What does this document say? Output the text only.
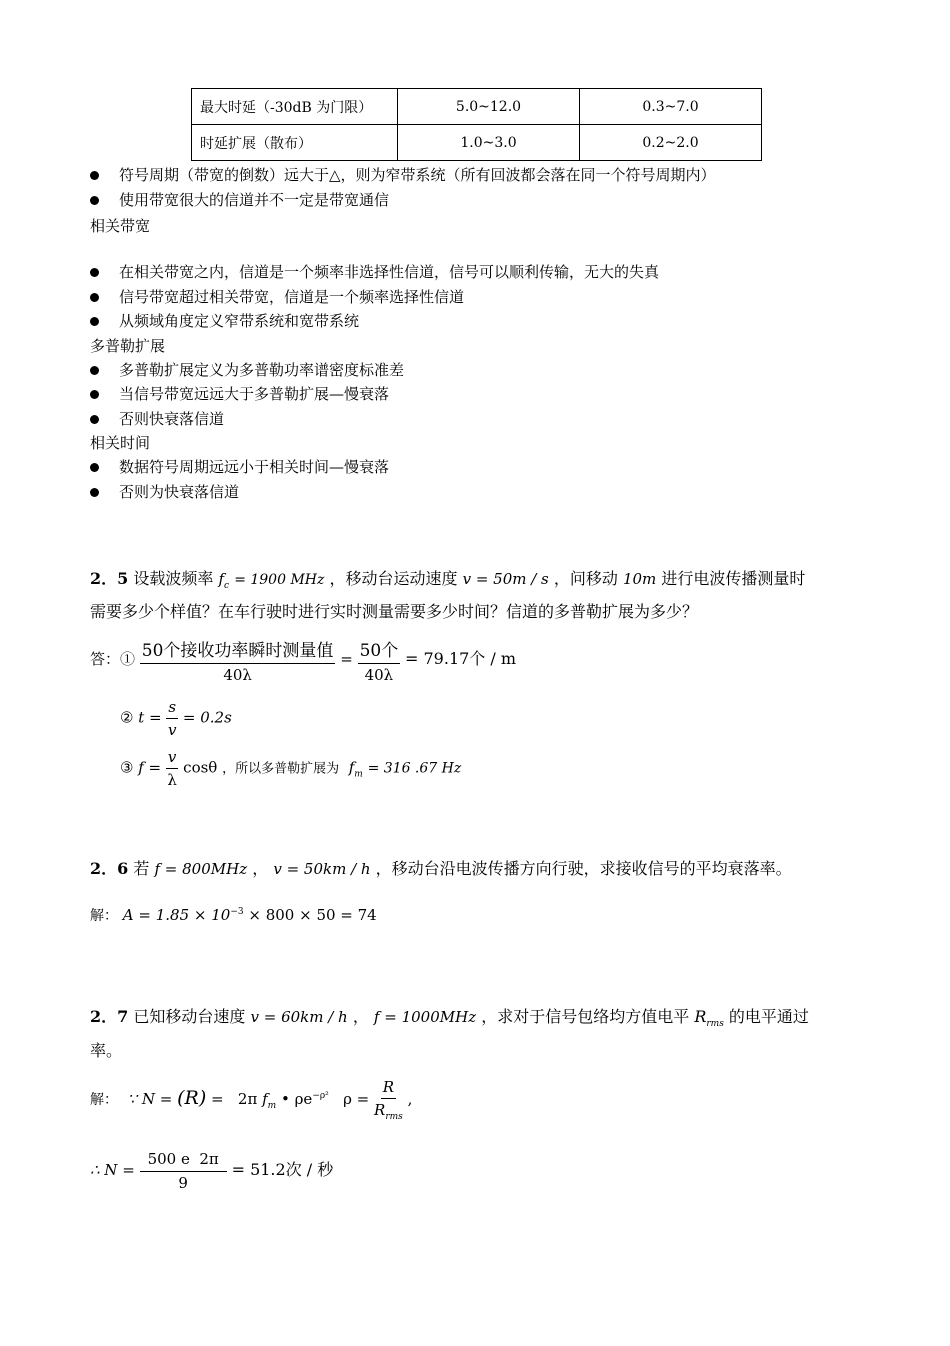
最大时延（-30dB 为门限）	5.0~12.0	0.3~7.0
时延扩展（散布）	1.0~3.0	0.2~2.0
符号周期（带宽的倒数）远大于△，则为窄带系统（所有回波都会落在同一个符号周期内）
使用带宽很大的信道并不一定是带宽通信
相关带宽
在相关带宽之内，信道是一个频率非选择性信道，信号可以顺利传输，无大的失真
信号带宽超过相关带宽，信道是一个频率选择性信道
从频域角度定义窄带系统和宽带系统
多普勒扩展
多普勒扩展定义为多普勒功率谱密度标准差
当信号带宽远远大于多普勒扩展—慢衰落
否则快衰落信道
相关时间
数据符号周期远远小于相关时间—慢衰落
否则为快衰落信道
2．5 设载波频率 $f_c = 1900$ MHz ，移动台运动速度 v = 50m / s ，问移动 10m 进行电波传播测量时
需要多少个样值？在车行驶时进行实时测量需要多少时间？信道的多普勒扩展为多少？
答：① $\frac{\text{50个接收功率瞬时测量值}}{40\lambda} = \frac{\text{50个}}{40\lambda} = 79.17$个 / m
② $t = \frac{s}{v} = 0.2s$
③ $f = \frac{v}{\lambda}$ cosθ ，所以多普勒扩展为 $f_m = 316$ .67 Hz
2．6 若 f = 800MHz ， v = 50km / h ，移动台沿电波传播方向行驶，求接收信号的平均衰落率。
解： $A = 1.85 \times 10^{-3} \times 800 \times 50 = 74$
2．7 已知移动台速度 v = 60km / h ， f = 1000MHz ，求对于信号包络均方值电平 $R_{rms}$ 的电平通过
率。
解： ∵ N = (R) = 2π $f_m$ • $\rho e^{-\rho^2}$ $\rho = \frac{R}{R_{rms}}$ ,
∴ $N = \frac{500 e 2\pi}{9} = 51.2$次 / 秒
